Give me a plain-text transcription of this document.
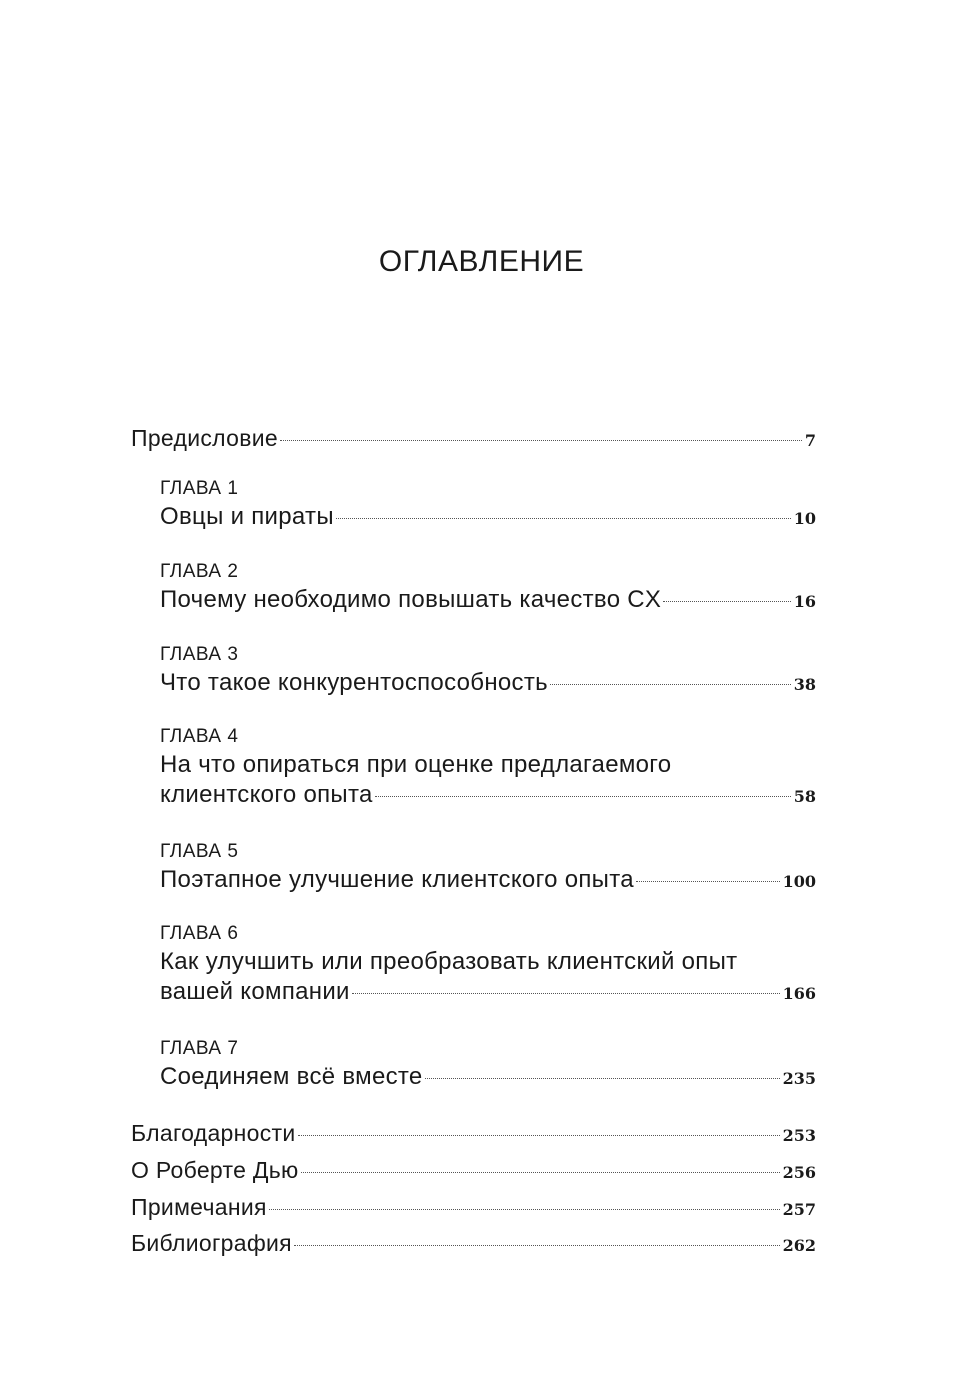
ОГЛАВЛЕНИЕ
Предисловие	7
ГЛАВА 1
Овцы и пираты	10
ГЛАВА 2
Почему необходимо повышать качество CX	16
ГЛАВА 3
Что такое конкурентоспособность	38
ГЛАВА 4
На что опираться при оценке предлагаемого
клиентского опыта	58
ГЛАВА 5
Поэтапное улучшение клиентского опыта	100
ГЛАВА 6
Как улучшить или преобразовать клиентский опыт
вашей компании	166
ГЛАВА 7
Соединяем всё вместе	235
Благодарности	253
О Роберте Дью	256
Примечания	257
Библиография	262
